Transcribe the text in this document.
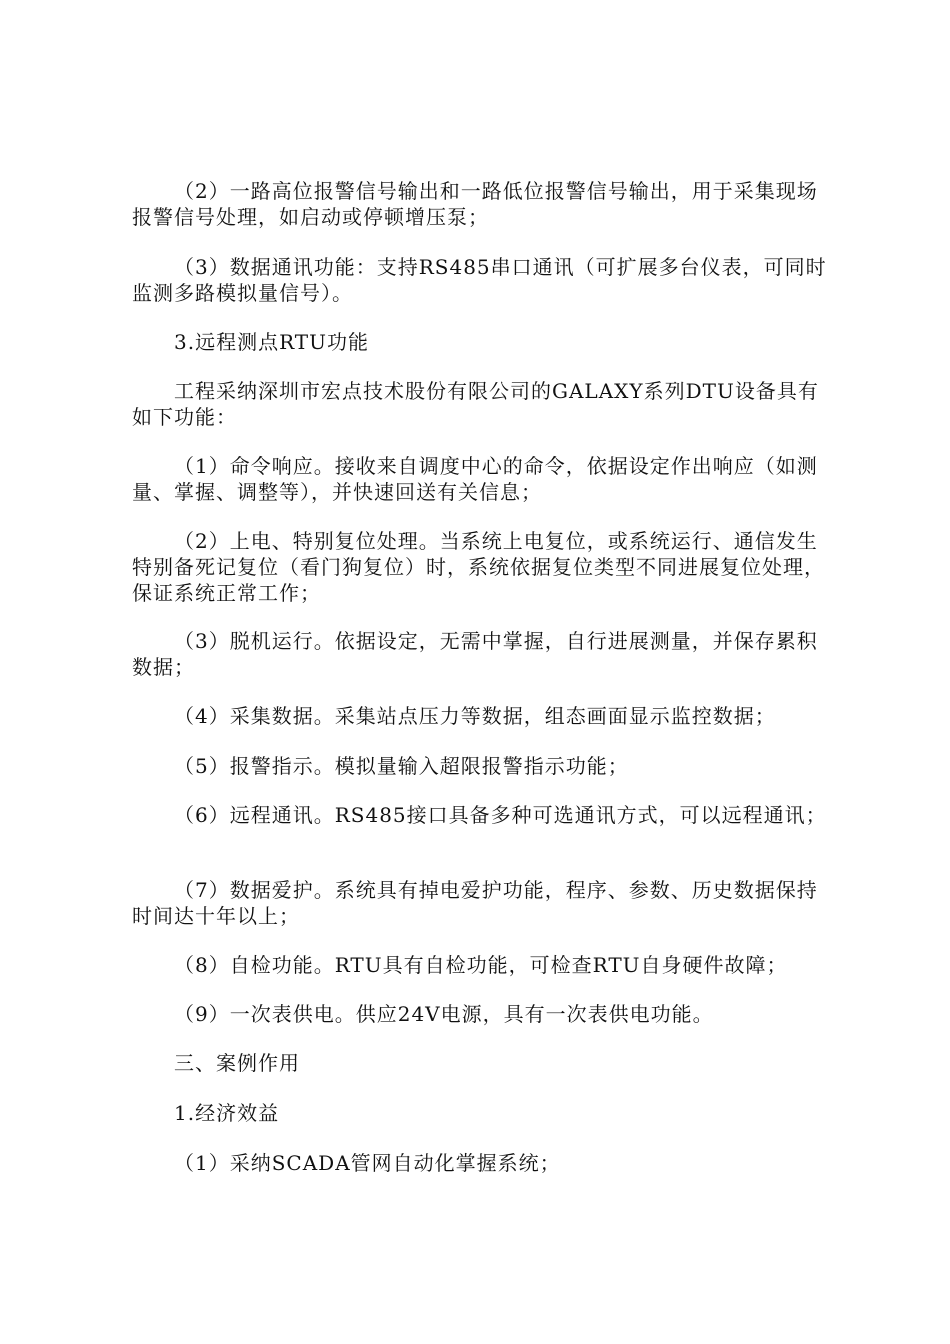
（2）一路高位报警信号输出和一路低位报警信号输出，用于采集现场报警信号处理，如启动或停顿增压泵；

（3）数据通讯功能：支持RS485串口通讯（可扩展多台仪表，可同时监测多路模拟量信号）。

3.远程测点RTU功能

工程采纳深圳市宏点技术股份有限公司的GALAXY系列DTU设备具有如下功能：

（1）命令响应。接收来自调度中心的命令，依据设定作出响应（如测量、掌握、调整等），并快速回送有关信息；

（2）上电、特别复位处理。当系统上电复位，或系统运行、通信发生特别备死记复位（看门狗复位）时，系统依据复位类型不同进展复位处理，保证系统正常工作；

（3）脱机运行。依据设定，无需中掌握，自行进展测量，并保存累积数据；

（4）采集数据。采集站点压力等数据，组态画面显示监控数据；

（5）报警指示。模拟量输入超限报警指示功能；

（6）远程通讯。RS485接口具备多种可选通讯方式，可以远程通讯；

（7）数据爱护。系统具有掉电爱护功能，程序、参数、历史数据保持时间达十年以上；

（8）自检功能。RTU具有自检功能，可检查RTU自身硬件故障；

（9）一次表供电。供应24V电源，具有一次表供电功能。

三、案例作用

1.经济效益

（1）采纳SCADA管网自动化掌握系统；
